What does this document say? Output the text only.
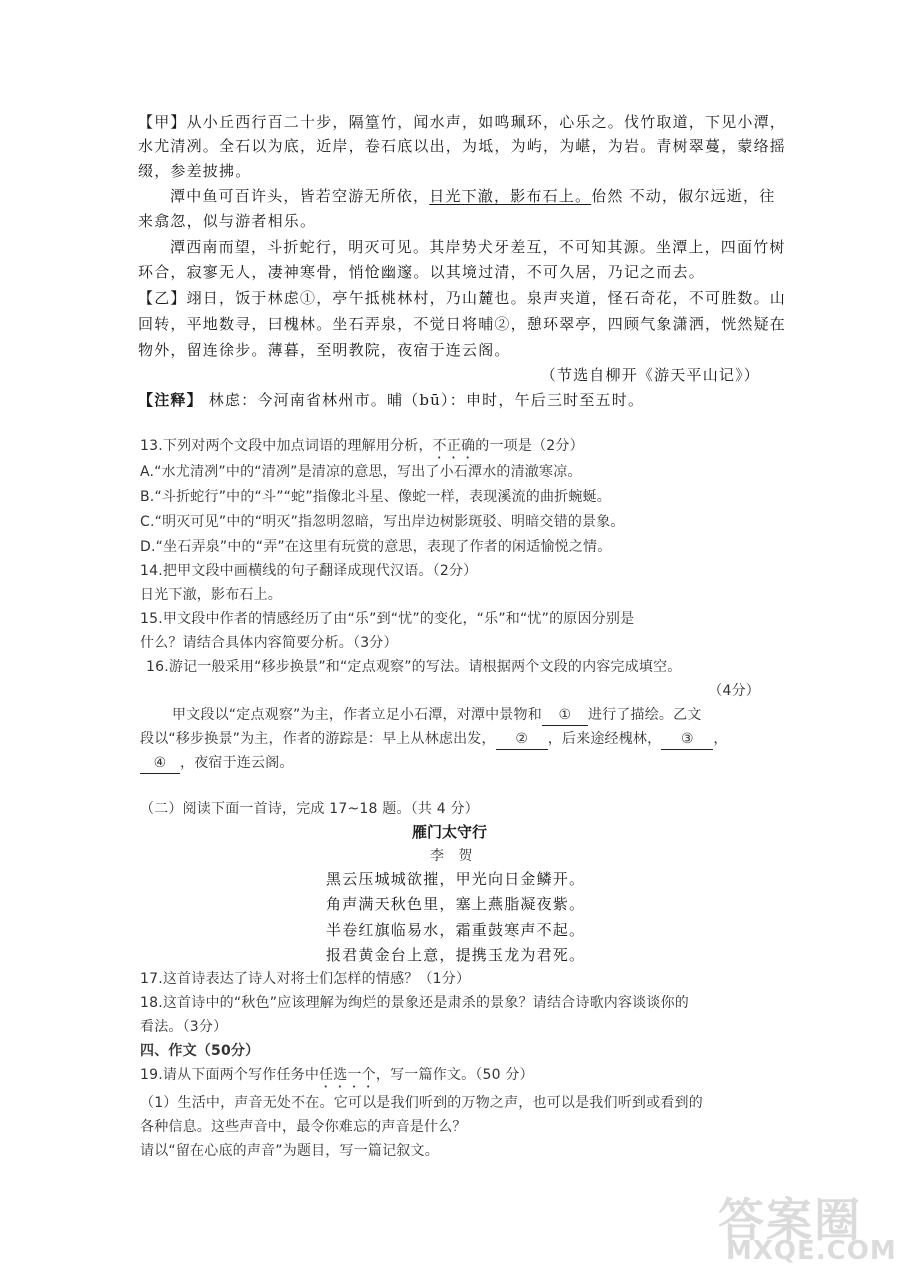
【甲】从小丘西行百二十步，隔篁竹，闻水声，如鸣珮环，心乐之。伐竹取道，下见小潭，
水尤清冽。全石以为底，近岸，卷石底以出，为坻，为屿，为嵁，为岩。青树翠蔓，蒙络摇
缀，参差披拂。
潭中鱼可百许头，皆若空游无所依，日光下澈，影布石上。佁然 不动，俶尔远逝，往
来翕忽，似与游者相乐。
潭西南而望，斗折蛇行，明灭可见。其岸势犬牙差互，不可知其源。坐潭上，四面竹树
环合，寂寥无人，凄神寒骨，悄怆幽邃。以其境过清，不可久居，乃记之而去。
【乙】翊日，饭于林虑①，亭午抵桃林村，乃山麓也。泉声夹道，怪石奇花，不可胜数。山
回转，平地数寻，曰槐林。坐石弄泉，不觉日将晡②，憩环翠亭，四顾气象潇洒，恍然疑在
物外，留连徐步。薄暮，至明教院，夜宿于连云阁。
（节选自柳开《游天平山记》）
【注释】 林虑：今河南省林州市。晡（bū）：申时，午后三时至五时。
13.下列对两个文段中加点词语的理解用分析，不正确的一项是（2分）
A.“水尤清冽”中的“清冽”是清凉的意思，写出了小石潭水的清澈寒凉。
B.“斗折蛇行”中的“斗”“蛇”指像北斗星、像蛇一样，表现溪流的曲折蜿蜒。
C.“明灭可见”中的“明灭”指忽明忽暗，写出岸边树影斑驳、明暗交错的景象。
D.“坐石弄泉”中的“弄”在这里有玩赏的意思，表现了作者的闲适愉悦之情。
14.把甲文段中画横线的句子翻译成现代汉语。（2分）
日光下澈，影布石上。
15.甲文段中作者的情感经历了由“乐”到“忧”的变化，“乐”和“忧”的原因分别是
什么？请结合具体内容简要分析。（3分）
16.游记一般采用“移步换景”和“定点观察”的写法。请根据两个文段的内容完成填空。
（4分）
甲文段以“定点观察”为主，作者立足小石潭，对潭中景物和 ① 进行了描绘。乙文
段以“移步换景”为主，作者的游踪是：早上从林虑出发， ② ，后来途经槐林， ③ ，
④ ，夜宿于连云阁。
（二）阅读下面一首诗，完成 17~18 题。（共 4 分）
雁门太守行
李　贺
黑云压城城欲摧，甲光向日金鳞开。
角声满天秋色里，塞上燕脂凝夜紫。
半卷红旗临易水，霜重鼓寒声不起。
报君黄金台上意，提携玉龙为君死。
17.这首诗表达了诗人对将士们怎样的情感？（1分）
18.这首诗中的“秋色”应该理解为绚烂的景象还是肃杀的景象？请结合诗歌内容谈谈你的
看法。（3分）
四、作文（50分）
19.请从下面两个写作任务中任选一个，写一篇作文。（50 分）
（1）生活中，声音无处不在。它可以是我们听到的万物之声，也可以是我们听到或看到的
各种信息。这些声音中，最令你难忘的声音是什么？
请以“留在心底的声音”为题目，写一篇记叙文。
答案圈
MXQE.COM
